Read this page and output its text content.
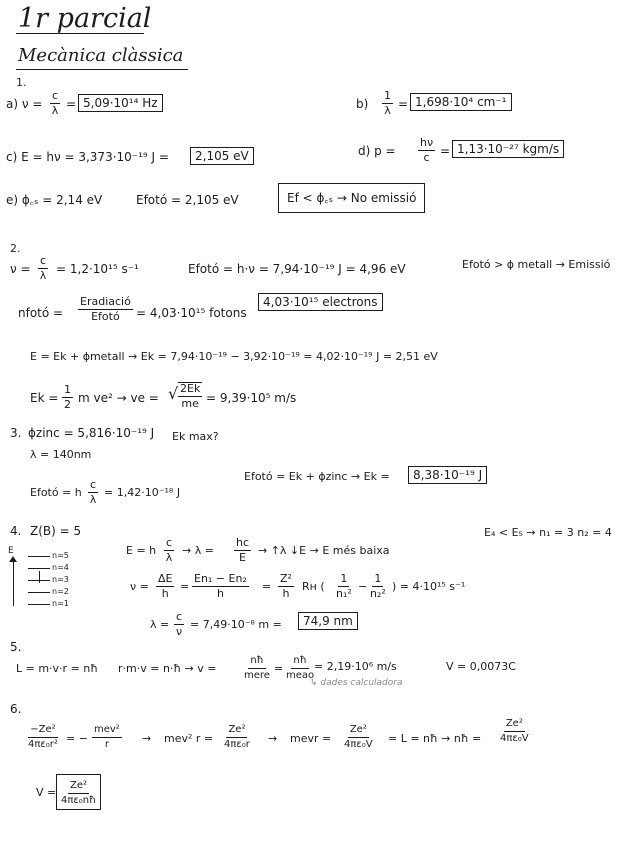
1r parcial
Mecànica clàssica
1.
a) $\nu = \frac{c}{\lambda} = 5,09\cdot 10^{14}$ Hz	$b) \frac{1}{\lambda} = 1,698\cdot 10^4$ cm⁻¹
c) E = hν = 3,373·10⁻¹⁹ J =	2,105 eV	d) $p = \frac{h\nu}{c} = 1,13\cdot 10^{-27}$ kgm/s
e) ϕ꜀ₛ = 2,14 eV	Efotó = 2,105 eV	Ef < ϕ꜀ₛ → No emissió
2.
$\nu = \frac{c}{\lambda} = 1,2\cdot 10^{15}$ s⁻¹	Efotó = h·ν = 7,94·10⁻¹⁹ J = 4,96 eV	Efotó > ϕ metall → Emissió
nfotó =
Eradiació
Efotó = 4,03·10¹⁵ fotons
4,03·10¹⁵ electrons
E = Ek + ϕmetall → Ek = 7,94·10⁻¹⁹ − 3,92·10⁻¹⁹ = 4,02·10⁻¹⁹ J = 2,51 eV
$Ek = \frac{1}{2}$ m ve² → ve = √ $\frac{2Ek}{me} = 9,39\cdot 10^5$ m/s
3. ϕzinc = 5,816·10⁻¹⁹ J Ek max?
λ = 140nm
Efotó = h $\frac{c}{\lambda} = 1,42\cdot 10^{-18}$ J
Efotó = Ek + ϕzinc → Ek =	8,38·10⁻¹⁹ J
4. Z(B) = 5
E	n=5
n=4
n=3
n=2
n=1
E = h $\frac{c}{\lambda} \to \lambda = \frac{hc}{E}$ → ↑λ ↓E → E més baixa
E₄ < E₅ → n₁ = 3 n₂ = 4
$\nu = \frac{\Delta E}{h} = \frac{\text{En₁ − En₂}}{h} = \frac{\text{Z²}}{h}$ Rн ( $\frac{1}{\text{n₁²}} - \frac{1}{\text{n₂²}}$ ) = 4·10¹⁵ s⁻¹
$\lambda = \frac{c}{\nu} = 7,49\cdot 10^{-8}$ m =	74,9 nm
5.
L = m·v·r = nħ r·m·v = n·ħ → v =
nħ
mere
=
nħ
meao
= 2,19·10⁶ m/s	V = 0,0073C
↳ dades calculadora
6.
$\frac{\text{−Ze²}}{\text{4πε₀r²}}$ = −
mev²
r	→ mev² $r = \frac{\text{Ze²}}{\text{4πε₀r}}$ → mevr = $\frac{\text{Ze²}}{\text{4πε₀V}} = L$ = nħ → nħ = $\frac{\text{Ze²}}{\text{4πε₀V}}$
$V = \frac{\text{Ze²}}{\text{4πε₀nħ}}$
